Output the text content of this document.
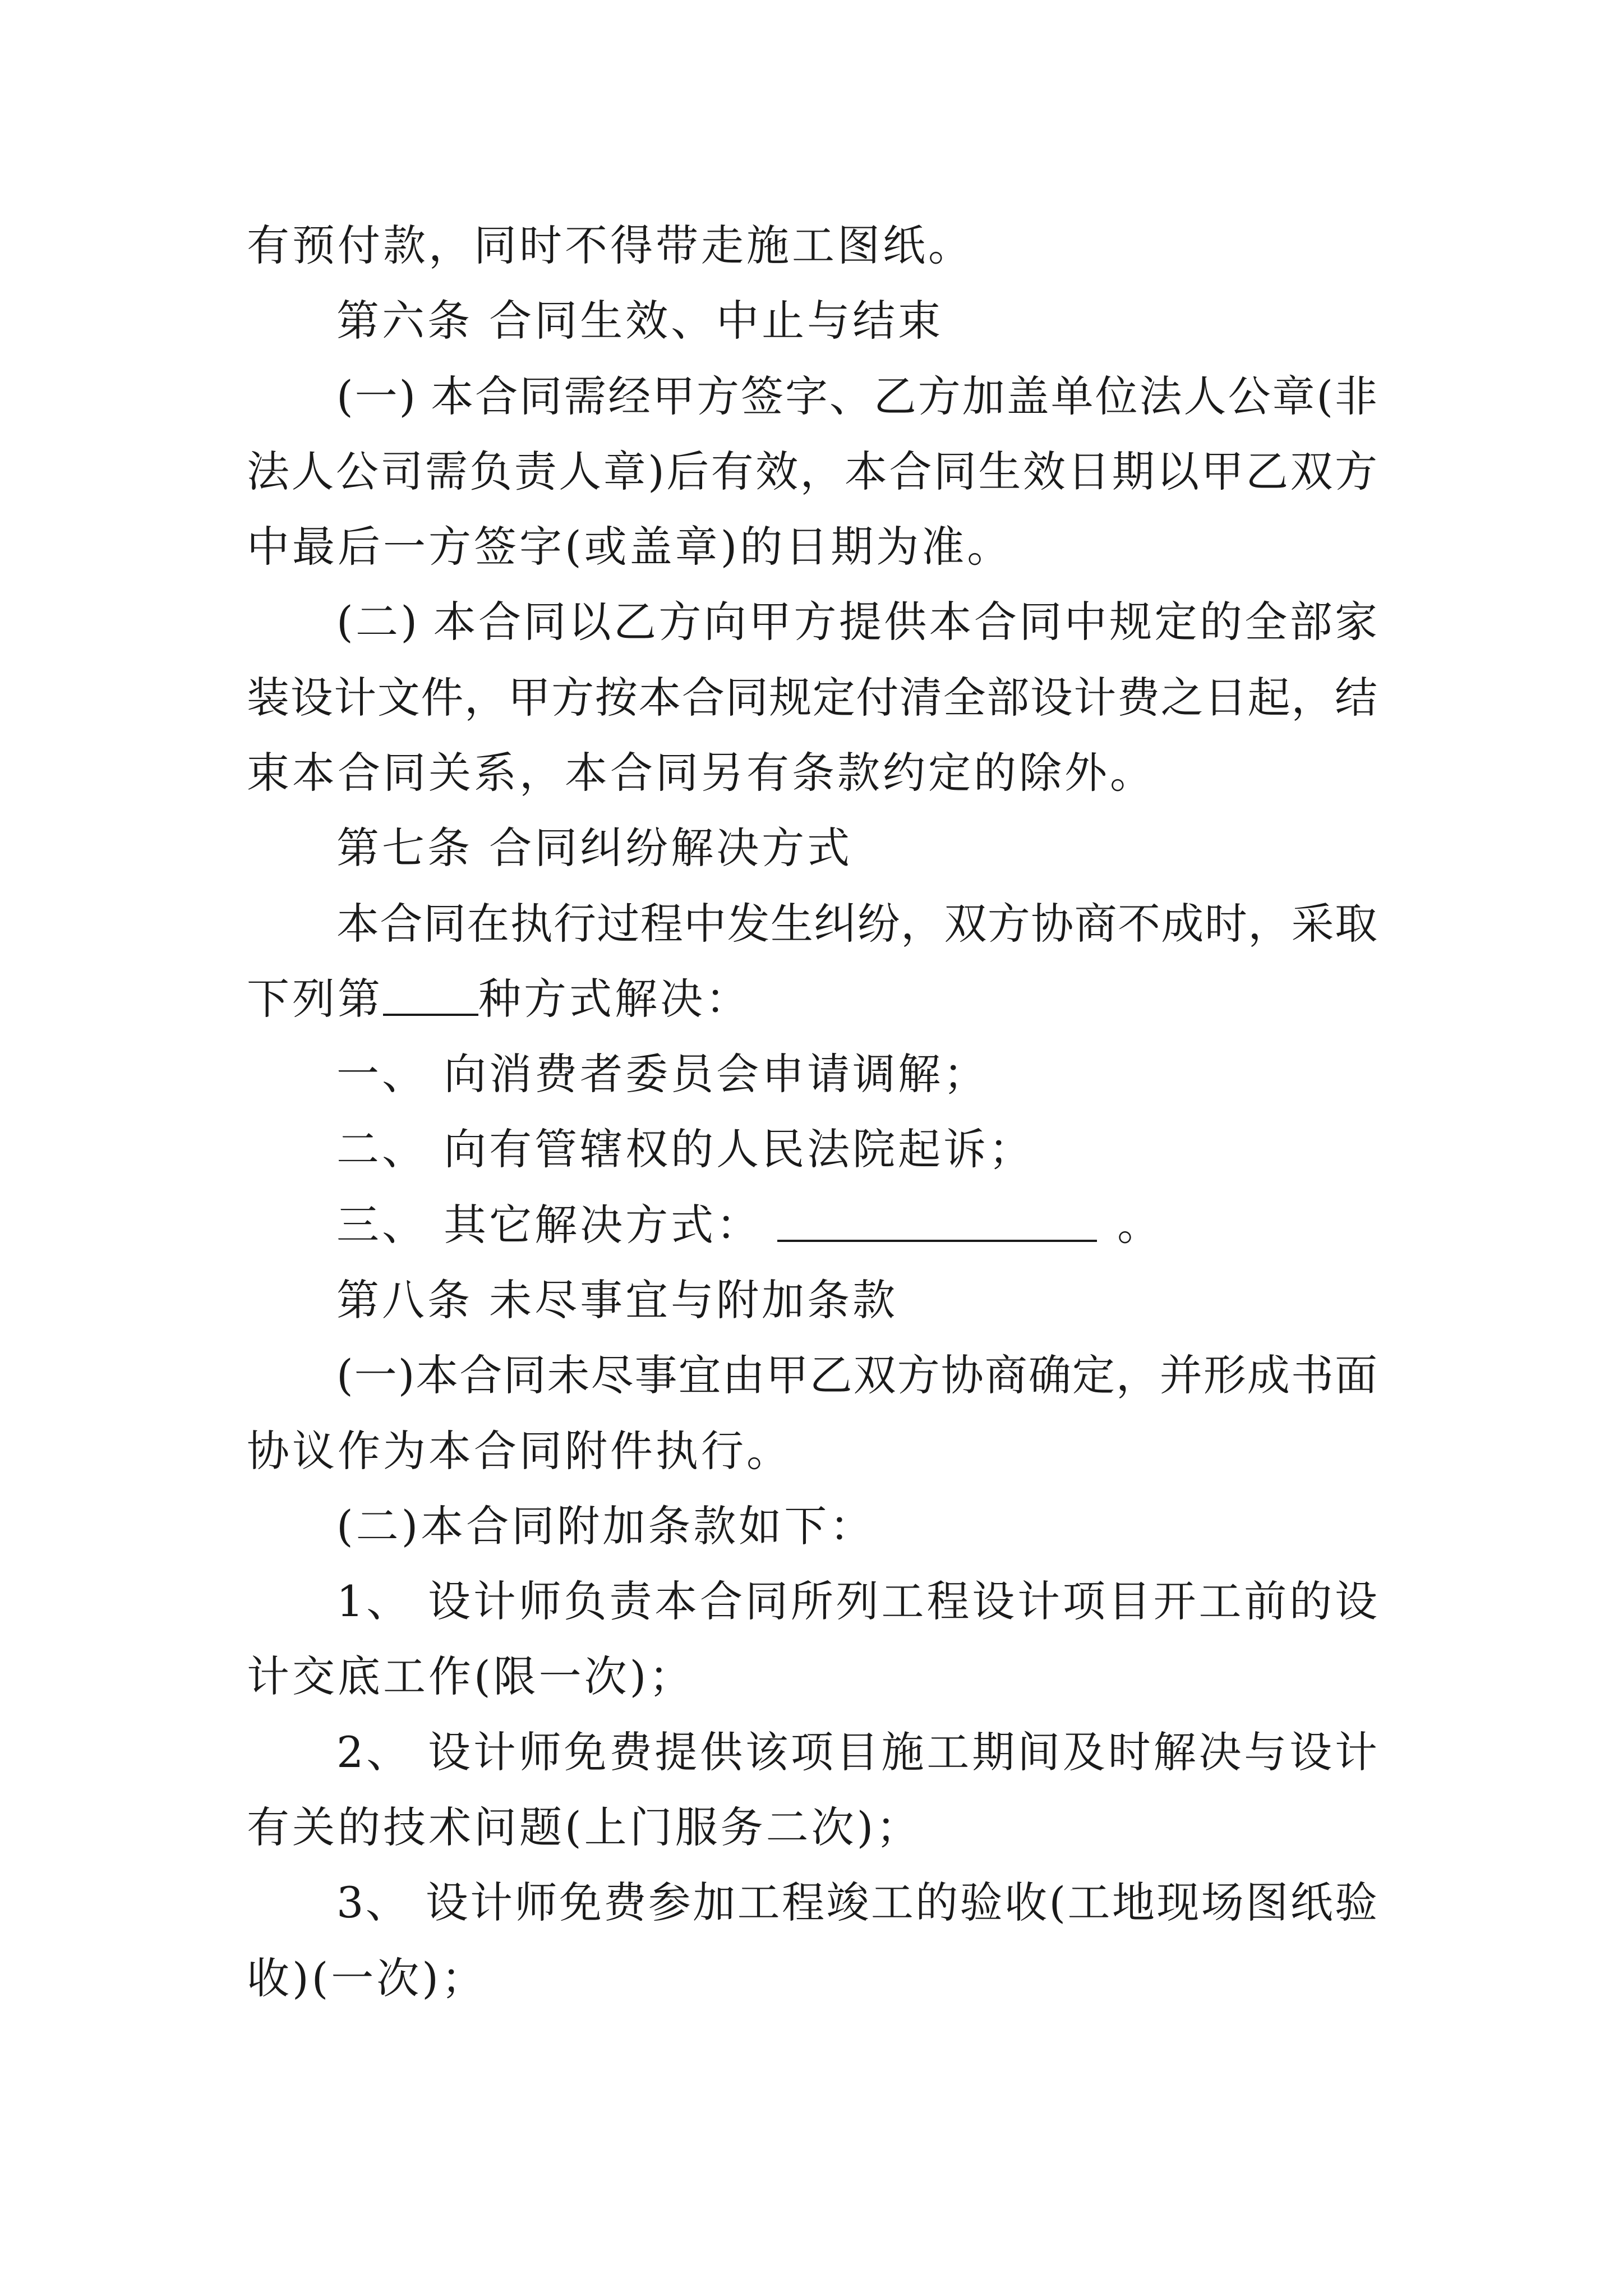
有预付款，同时不得带走施工图纸。
第六条 合同生效、中止与结束
(一) 本合同需经甲方签字、乙方加盖单位法人公章(非
法人公司需负责人章)后有效，本合同生效日期以甲乙双方
中最后一方签字(或盖章)的日期为准。
(二) 本合同以乙方向甲方提供本合同中规定的全部家
装设计文件，甲方按本合同规定付清全部设计费之日起，结
束本合同关系，本合同另有条款约定的除外。
第七条 合同纠纷解决方式
本合同在执行过程中发生纠纷，双方协商不成时，采取
下列第 种方式解决：
一、 向消费者委员会申请调解；
二、 向有管辖权的人民法院起诉；
三、 其它解决方式：	。
第八条 未尽事宜与附加条款
(一)本合同未尽事宜由甲乙双方协商确定，并形成书面
协议作为本合同附件执行。
(二)本合同附加条款如下：
1、 设计师负责本合同所列工程设计项目开工前的设
计交底工作(限一次)；
2、 设计师免费提供该项目施工期间及时解决与设计
有关的技术问题(上门服务二次)；
3、 设计师免费参加工程竣工的验收(工地现场图纸验
收)(一次)；
